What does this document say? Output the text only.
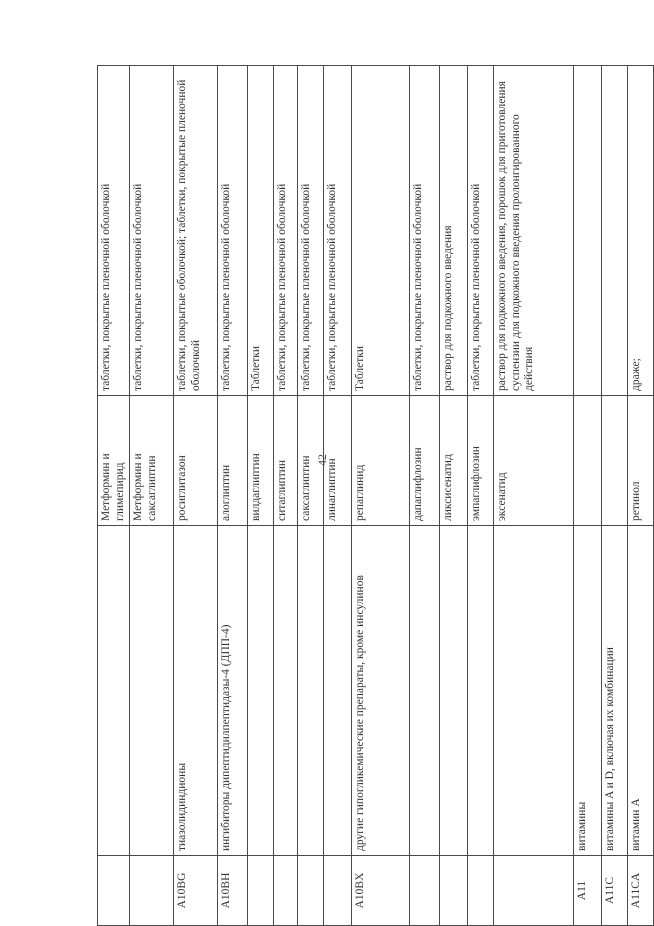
		Метформин и глимепирид	таблетки, покрытые пленочной оболочкой
		Метформин и саксаглиптин	таблетки, покрытые пленочной оболочкой
A10BG	тиазолидиндионы	росиглитазон	таблетки, покрытые оболочкой; таблетки, покрытые пленочной оболочкой
A10BH	ингибиторы дипептидилпептидазы-4 (ДПП-4)	алоглиптин	таблетки, покрытые пленочной оболочкой
		вилдаглиптин	Таблетки
		ситаглиптин	таблетки, покрытые пленочной оболочкой
		саксаглиптин	таблетки, покрытые пленочной оболочкой
		линаглиптин	таблетки, покрытые пленочной оболочкой
A10BX	другие гипогликемические препараты, кроме инсулинов	репаглинид	Таблетки
		дапаглифлозин	таблетки, покрытые пленочной оболочкой
		ликсисенатид	раствор для подкожного введения
		эмпаглифлозин	таблетки, покрытые пленочной оболочкой
		эксенатид	раствор для подкожного введения, порошок для приготовления суспензии для подкожного введения пролонгированного действия
A11	витамины		
A11C	витамины A и D, включая их комбинации		
A11CA	витамин A	ретинол	драже;
42
